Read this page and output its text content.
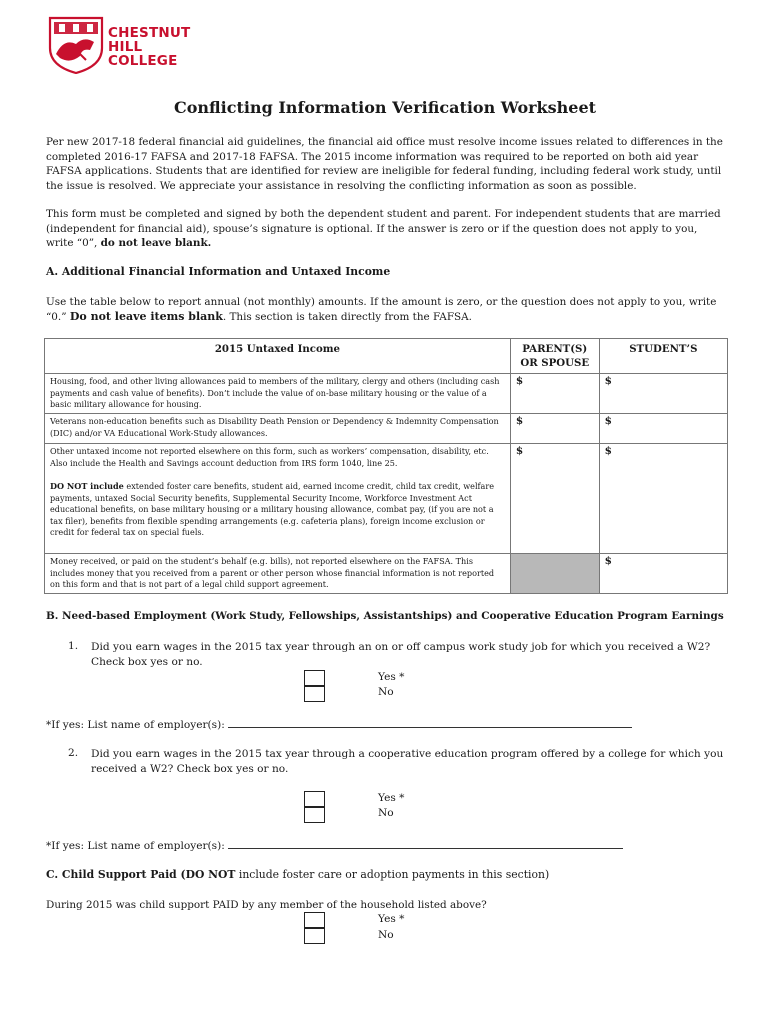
CHESTNUT
HILL
COLLEGE
Conflicting Information Verification Worksheet
Per new 2017-18 federal financial aid guidelines, the financial aid office must resolve income issues related to differences in the completed 2016-17 FAFSA and 2017-18 FAFSA. The 2015 income information was required to be reported on both aid year FAFSA applications. Students that are identified for review are ineligible for federal funding, including federal work study, until the issue is resolved. We appreciate your assistance in resolving the conflicting information as soon as possible.
This form must be completed and signed by both the dependent student and parent. For independent students that are married (independent for financial aid), spouse’s signature is optional. If the answer is zero or if the question does not apply to you, write “0”, do not leave blank.
A. Additional Financial Information and Untaxed Income
Use the table below to report annual (not monthly) amounts. If the amount is zero, or the question does not apply to you, write “0.” Do not leave items blank. This section is taken directly from the FAFSA.
2015 Untaxed Income	PARENT(S) OR SPOUSE	STUDENT’S
Housing, food, and other living allowances paid to members of the military, clergy and others (including cash payments and cash value of benefits). Don’t include the value of on-base military housing or the value of a basic military allowance for housing.	$	$
Veterans non-education benefits such as Disability Death Pension or Dependency & Indemnity Compensation (DIC) and/or VA Educational Work-Study allowances.	$	$
Other untaxed income not reported elsewhere on this form, such as workers’ compensation, disability, etc. Also include the Health and Savings account deduction from IRS form 1040, line 25.
DO NOT include extended foster care benefits, student aid, earned income credit, child tax credit, welfare payments, untaxed Social Security benefits, Supplemental Security Income, Workforce Investment Act educational benefits, on base military housing or a military housing allowance, combat pay, (if you are not a tax filer), benefits from flexible spending arrangements (e.g. cafeteria plans), foreign income exclusion or credit for federal tax on special fuels.	$	$
Money received, or paid on the student’s behalf (e.g. bills), not reported elsewhere on the FAFSA. This includes money that you received from a parent or other person whose financial information is not reported on this form and that is not part of a legal child support agreement.		$
B. Need-based Employment (Work Study, Fellowships, Assistantships) and Cooperative Education Program Earnings
1. Did you earn wages in the 2015 tax year through an on or off campus work study job for which you received a W2? Check box yes or no.
Yes *
No
*If yes: List name of employer(s):
2. Did you earn wages in the 2015 tax year through a cooperative education program offered by a college for which you received a W2? Check box yes or no.
Yes *
No
*If yes: List name of employer(s):
C. Child Support Paid (DO NOT include foster care or adoption payments in this section)
During 2015 was child support PAID by any member of the household listed above?
Yes *
No
